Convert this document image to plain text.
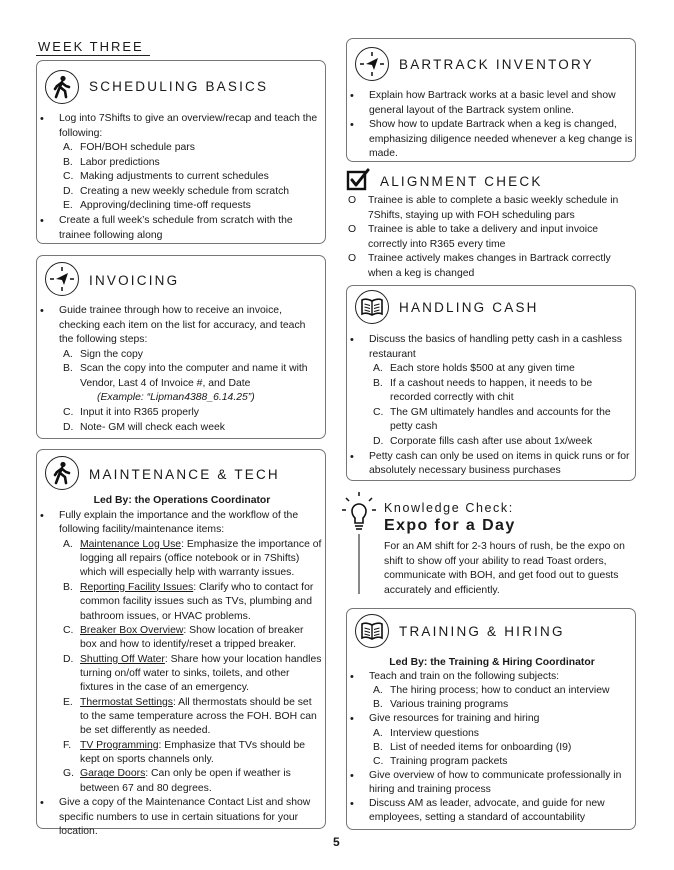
WEEK THREE
SCHEDULING BASICS
• Log into 7Shifts to give an overview/recap and teach the following:
A. FOH/BOH schedule pars
B. Labor predictions
C. Making adjustments to current schedules
D. Creating a new weekly schedule from scratch
E. Approving/declining time-off requests
• Create a full week’s schedule from scratch with the trainee following along
INVOICING
• Guide trainee through how to receive an invoice, checking each item on the list for accuracy, and teach the following steps:
A. Sign the copy
B. Scan the copy into the computer and name it with Vendor, Last 4 of Invoice #, and Date
(Example: “Lipman4388_6.14.25”)
C. Input it into R365 properly
D. Note- GM will check each week
MAINTENANCE & TECH
Led By: the Operations Coordinator
• Fully explain the importance and the workflow of the following facility/maintenance items:
A. Maintenance Log Use: Emphasize the importance of logging all repairs (office notebook or in 7Shifts) which will especially help with warranty issues.
B. Reporting Facility Issues: Clarify who to contact for common facility issues such as TVs, plumbing and bathroom issues, or HVAC problems.
C. Breaker Box Overview: Show location of breaker box and how to identify/reset a tripped breaker.
D. Shutting Off Water: Share how your location handles turning on/off water to sinks, toilets, and other fixtures in the case of an emergency.
E. Thermostat Settings: All thermostats should be set to the same temperature across the FOH. BOH can be set differently as needed.
F. TV Programming: Emphasize that TVs should be kept on sports channels only.
G. Garage Doors: Can only be open if weather is between 67 and 80 degrees.
• Give a copy of the Maintenance Contact List and show specific numbers to use in certain situations for your location.
BARTRACK INVENTORY
• Explain how Bartrack works at a basic level and show general layout of the Bartrack system online.
• Show how to update Bartrack when a keg is changed, emphasizing diligence needed whenever a keg change is made.
ALIGNMENT CHECK
O Trainee is able to complete a basic weekly schedule in 7Shifts, staying up with FOH scheduling pars
O Trainee is able to take a delivery and input invoice correctly into R365 every time
O Trainee actively makes changes in Bartrack correctly when a keg is changed
HANDLING CASH
• Discuss the basics of handling petty cash in a cashless restaurant
A. Each store holds $500 at any given time
B. If a cashout needs to happen, it needs to be recorded correctly with chit
C. The GM ultimately handles and accounts for the petty cash
D. Corporate fills cash after use about 1x/week
• Petty cash can only be used on items in quick runs or for absolutely necessary business purchases
Knowledge Check:
Expo for a Day
For an AM shift for 2-3 hours of rush, be the expo on shift to show off your ability to read Toast orders, communicate with BOH, and get food out to guests accurately and efficiently.
TRAINING & HIRING
Led By: the Training & Hiring Coordinator
• Teach and train on the following subjects:
A. The hiring process; how to conduct an interview
B. Various training programs
• Give resources for training and hiring
A. Interview questions
B. List of needed items for onboarding (I9)
C. Training program packets
• Give overview of how to communicate professionally in hiring and training process
• Discuss AM as leader, advocate, and guide for new employees, setting a standard of accountability
5
